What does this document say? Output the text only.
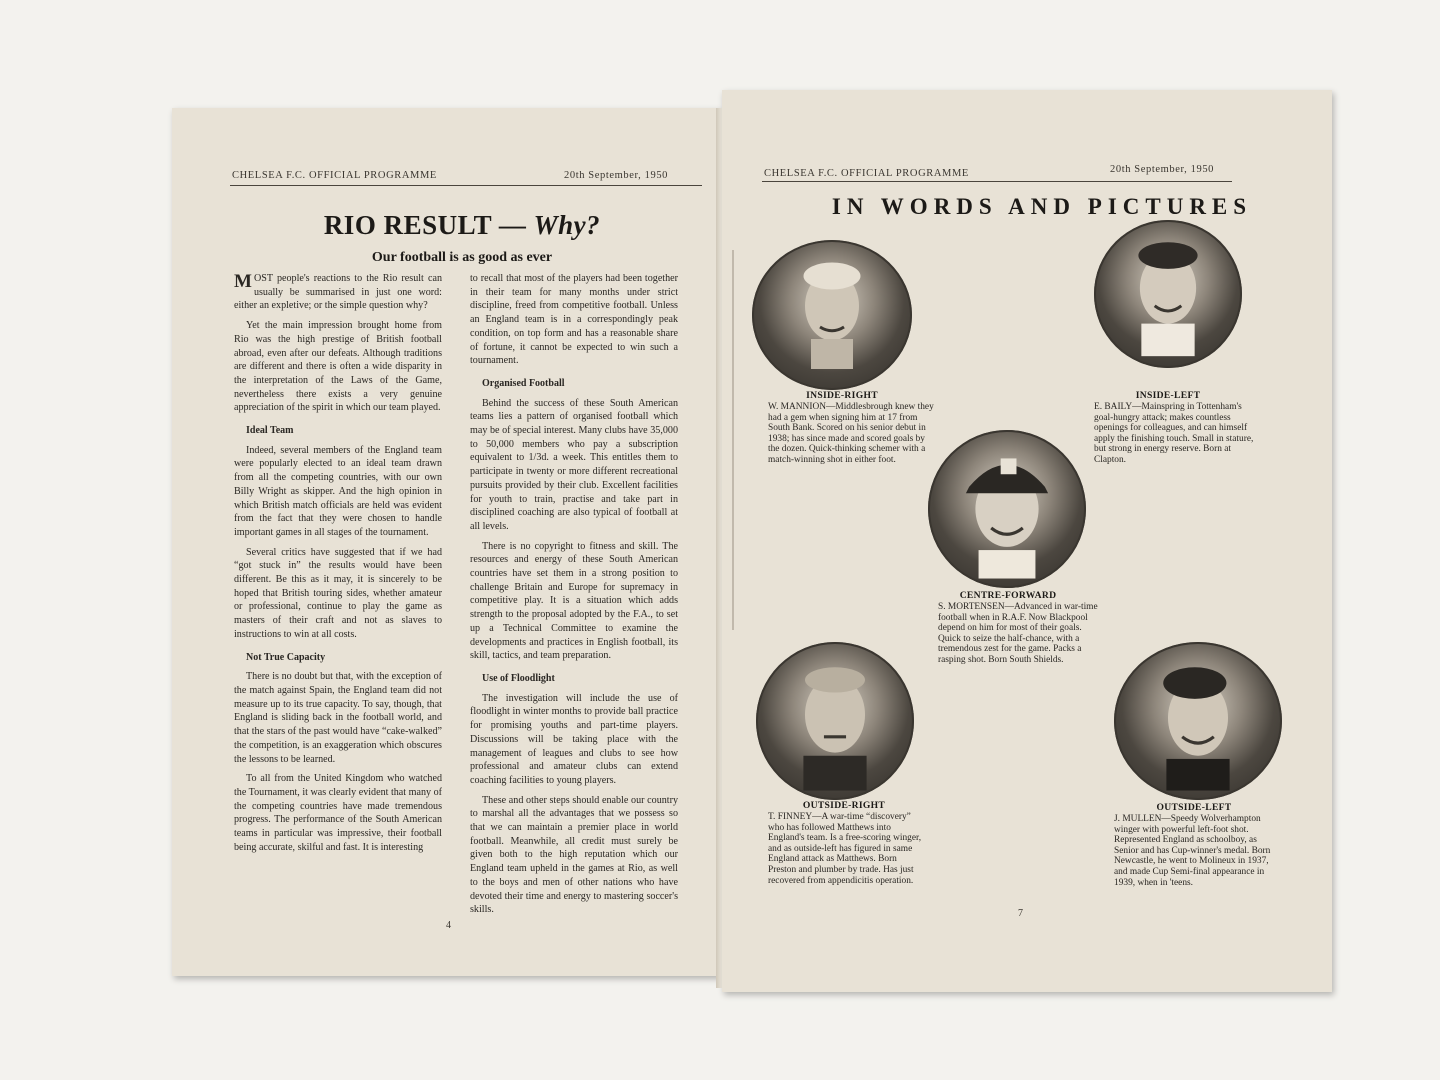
CHELSEA F.C. OFFICIAL PROGRAMME	20th September, 1950
RIO RESULT — Why?
Our football is as good as ever

MOST people's reactions to the Rio result can usually be summarised in just one word: either an expletive; or the simple question why?

Yet the main impression brought home from Rio was the high prestige of British football abroad, even after our defeats. Although traditions are different and there is often a wide disparity in the interpretation of the Laws of the Game, nevertheless there exists a very genuine appreciation of the spirit in which our team played.

Ideal Team

Indeed, several members of the England team were popularly elected to an ideal team drawn from all the competing countries, with our own Billy Wright as skipper. And the high opinion in which British match officials are held was evident from the fact that they were chosen to handle important games in all stages of the tournament.

Several critics have suggested that if we had “got stuck in” the results would have been different. Be this as it may, it is sincerely to be hoped that British touring sides, whether amateur or professional, continue to play the game as masters of their craft and not as slaves to instructions to win at all costs.

Not True Capacity

There is no doubt but that, with the exception of the match against Spain, the England team did not measure up to its true capacity. To say, though, that England is sliding back in the football world, and that the stars of the past would have “cake-walked” the competition, is an exaggeration which obscures the lessons to be learned.

To all from the United Kingdom who watched the Tournament, it was clearly evident that many of the competing countries have made tremendous progress. The performance of the South American teams in particular was impressive, their football being accurate, skilful and fast. It is interesting

to recall that most of the players had been together in their team for many months under strict discipline, freed from competitive football. Unless an England team is in a correspondingly peak condition, on top form and has a reasonable share of fortune, it cannot be expected to win such a tournament.

Organised Football

Behind the success of these South American teams lies a pattern of organised football which may be of special interest. Many clubs have 35,000 to 50,000 members who pay a subscription equivalent to 1/3d. a week. This entitles them to participate in twenty or more different recreational pursuits provided by their club. Excellent facilities for youth to train, practise and take part in disciplined coaching are also typical of football at all levels.

There is no copyright to fitness and skill. The resources and energy of these South American countries have set them in a strong position to challenge Britain and Europe for supremacy in competitive play. It is a situation which adds strength to the proposal adopted by the F.A., to set up a Technical Committee to examine the developments and practices in English football, its skill, tactics, and team preparation.

Use of Floodlight

The investigation will include the use of floodlight in winter months to provide ball practice for promising youths and part-time players. Discussions will be taking place with the management of leagues and clubs to see how professional and amateur clubs can extend coaching facilities to young players.

These and other steps should enable our country to marshal all the advantages that we possess so that we can maintain a premier place in world football. Meanwhile, all credit must surely be given both to the high reputation which our England team upheld in the games at Rio, as well to the boys and men of other nations who have devoted their time and energy to mastering soccer's skills.

4
CHELSEA F.C. OFFICIAL PROGRAMME	20th September, 1950
IN WORDS AND PICTURES
INSIDE-RIGHT
W. MANNION—Middlesbrough knew they had a gem when signing him at 17 from South Bank. Scored on his senior debut in 1938; has since made and scored goals by the dozen. Quick-thinking schemer with a match-winning shot in either foot.
INSIDE-LEFT
E. BAILY—Mainspring in Tottenham's goal-hungry attack; makes countless openings for colleagues, and can himself apply the finishing touch. Small in stature, but strong in energy reserve. Born at Clapton.
CENTRE-FORWARD
S. MORTENSEN—Advanced in war-time football when in R.A.F. Now Blackpool depend on him for most of their goals. Quick to seize the half-chance, with a tremendous zest for the game. Packs a rasping shot. Born South Shields.
OUTSIDE-RIGHT
T. FINNEY—A war-time “discovery” who has followed Matthews into England's team. Is a free-scoring winger, and as outside-left has figured in same England attack as Matthews. Born Preston and plumber by trade. Has just recovered from appendicitis operation.
OUTSIDE-LEFT
J. MULLEN—Speedy Wolverhampton winger with powerful left-foot shot. Represented England as schoolboy, as Senior and has Cup-winner's medal. Born Newcastle, he went to Molineux in 1937, and made Cup Semi-final appearance in 1939, when in 'teens.
7
